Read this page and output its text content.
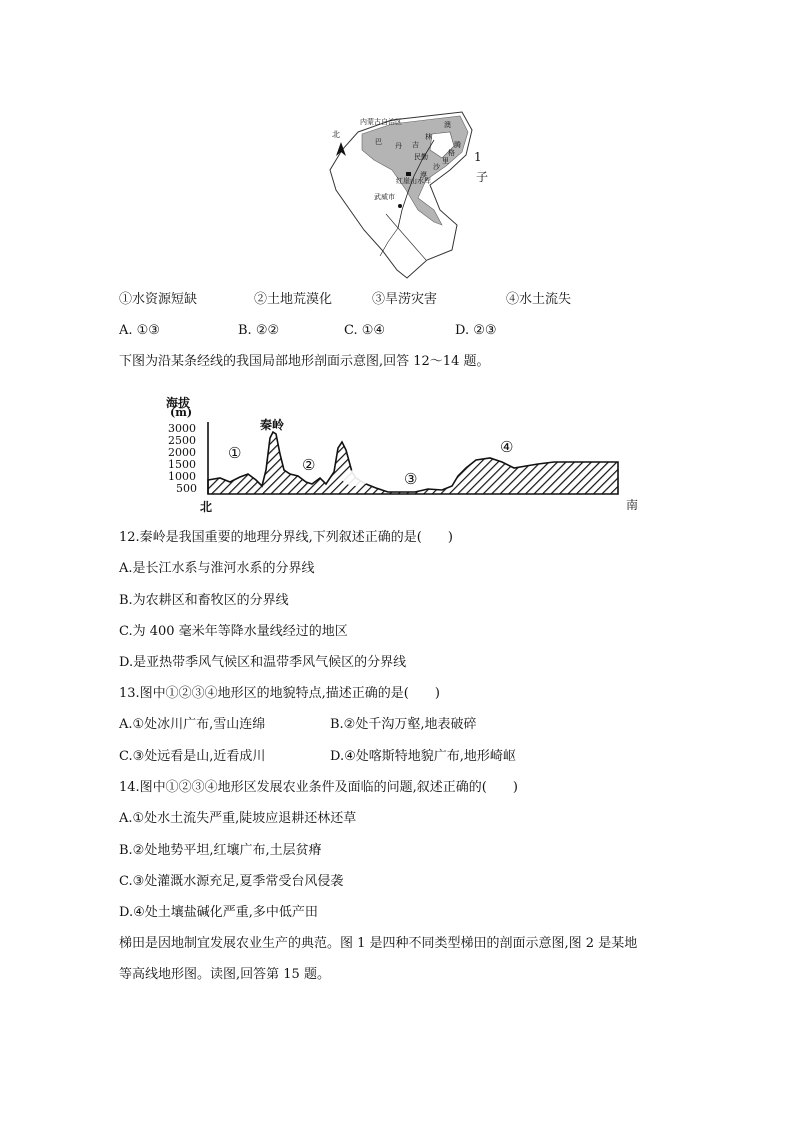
北
内蒙古自治区
巴 丹 吉
林
澳
腾
格
里
民勤
沙
漠
红崖山水库
武威市
1
子
①水资源短缺	②土地荒漠化	③旱涝灾害	④水土流失
A. ①③	B. ②②	C. ①④	D. ②③
下图为沿某条经线的我国局部地形剖面示意图,回答 12～14 题。
海拔
(m)
3000
2500
2000
1500
1000
500
北	南
秦岭
①
②
③
④
12.秦岭是我国重要的地理分界线,下列叙述正确的是(　　)
A.是长江水系与淮河水系的分界线
B.为农耕区和畜牧区的分界线
C.为 400 毫米年等降水量线经过的地区
D.是亚热带季风气候区和温带季风气候区的分界线
13.图中①②③④地形区的地貌特点,描述正确的是(　　)
A.①处冰川广布,雪山连绵	B.②处千沟万壑,地表破碎
C.③处远看是山,近看成川	D.④处喀斯特地貌广布,地形崎岖
14.图中①②③④地形区发展农业条件及面临的问题,叙述正确的(　　)
A.①处水土流失严重,陡坡应退耕还林还草
B.②处地势平坦,红壤广布,土层贫瘠
C.③处灌溉水源充足,夏季常受台风侵袭
D.④处土壤盐碱化严重,多中低产田
梯田是因地制宜发展农业生产的典范。图 1 是四种不同类型梯田的剖面示意图,图 2 是某地
等高线地形图。读图,回答第 15 题。
